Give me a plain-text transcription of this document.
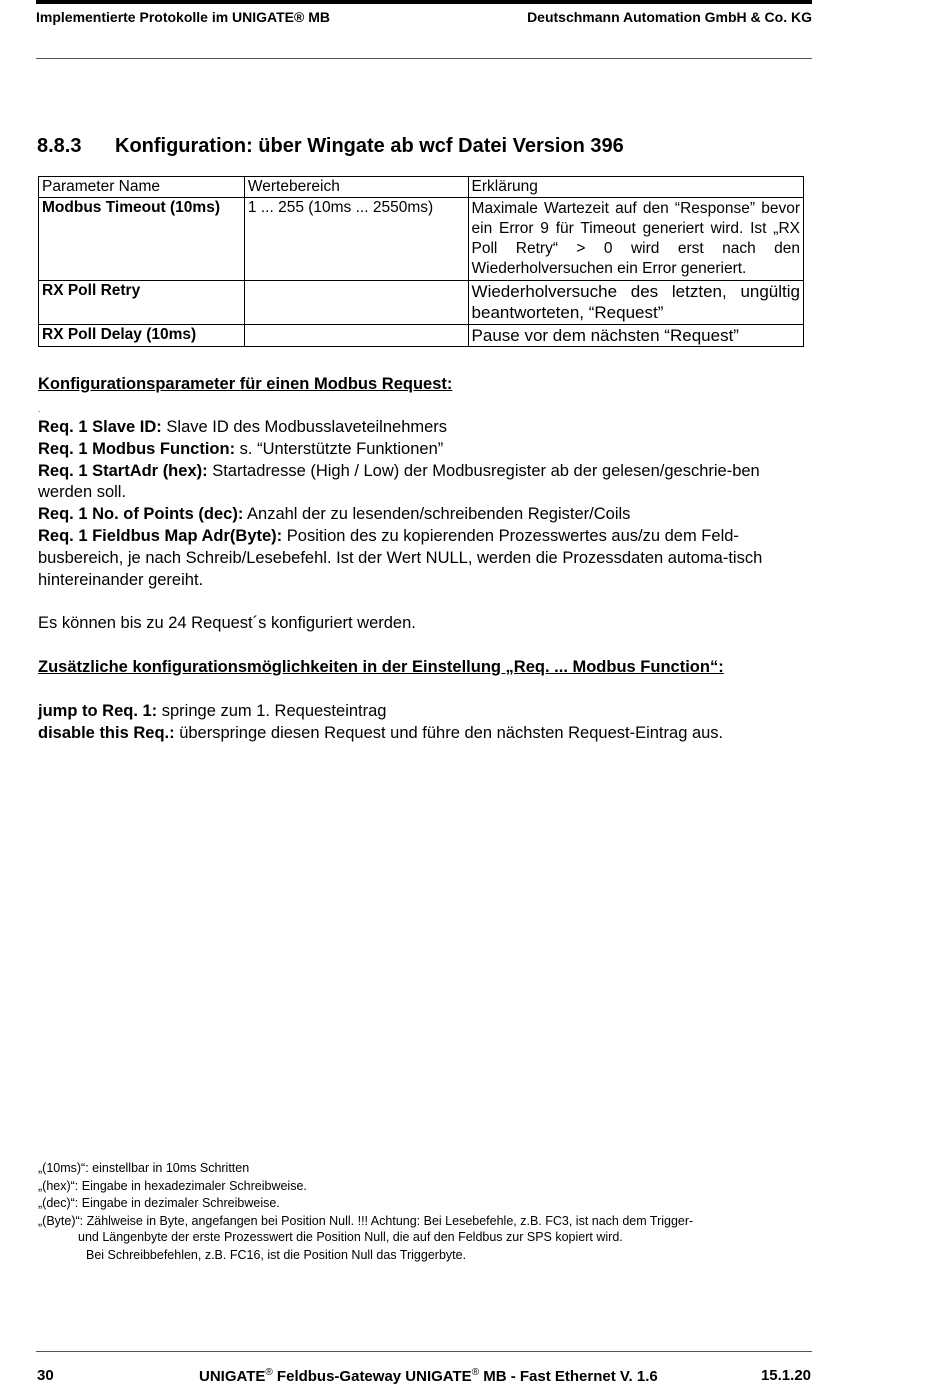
Implementierte Protokolle im UNIGATE® MB	Deutschmann Automation GmbH & Co. KG
8.8.3 Konfiguration: über Wingate ab wcf Datei Version 396
Parameter Name	Wertebereich	Erklärung
Modbus Timeout (10ms)	1 ... 255 (10ms ... 2550ms)	Maximale Wartezeit auf den “Response” bevor ein Error 9 für Timeout generiert wird. Ist „RX Poll Retry“ > 0 wird erst nach den Wiederholversuchen ein Error generiert.
RX Poll Retry		Wiederholversuche des letzten, ungültig beantworteten, “Request”
RX Poll Delay (10ms)		Pause vor dem nächsten “Request”

Konfigurationsparameter für einen Modbus Request:

.

Req. 1 Slave ID: Slave ID des Modbusslaveteilnehmers

Req. 1 Modbus Function: s. “Unterstützte Funktionen”

Req. 1 StartAdr (hex): Startadresse (High / Low) der Modbusregister ab der gelesen/geschrie-ben werden soll.

Req. 1 No. of Points (dec): Anzahl der zu lesenden/schreibenden Register/Coils

Req. 1 Fieldbus Map Adr(Byte): Position des zu kopierenden Prozesswertes aus/zu dem Feld-busbereich, je nach Schreib/Lesebefehl. Ist der Wert NULL, werden die Prozessdaten automa-tisch hintereinander gereiht.

Es können bis zu 24 Request´s konfiguriert werden.

Zusätzliche konfigurationsmöglichkeiten in der Einstellung „Req. ... Modbus Function“:

jump to Req. 1: springe zum 1. Requesteintrag

disable this Req.: überspringe diesen Request und führe den nächsten Request-Eintrag aus.

„(10ms)“: einstellbar in 10ms Schritten

„(hex)“: Eingabe in hexadezimaler Schreibweise.

„(dec)“: Eingabe in dezimaler Schreibweise.

„(Byte)“: Zählweise in Byte, angefangen bei Position Null. !!! Achtung: Bei Lesebefehle, z.B. FC3, ist nach dem Trigger-

und Längenbyte der erste Prozesswert die Position Null, die auf den Feldbus zur SPS kopiert wird.

Bei Schreibbefehlen, z.B. FC16, ist die Position Null das Triggerbyte.

30	UNIGATE® Feldbus-Gateway UNIGATE® MB - Fast Ethernet V. 1.6	15.1.20
